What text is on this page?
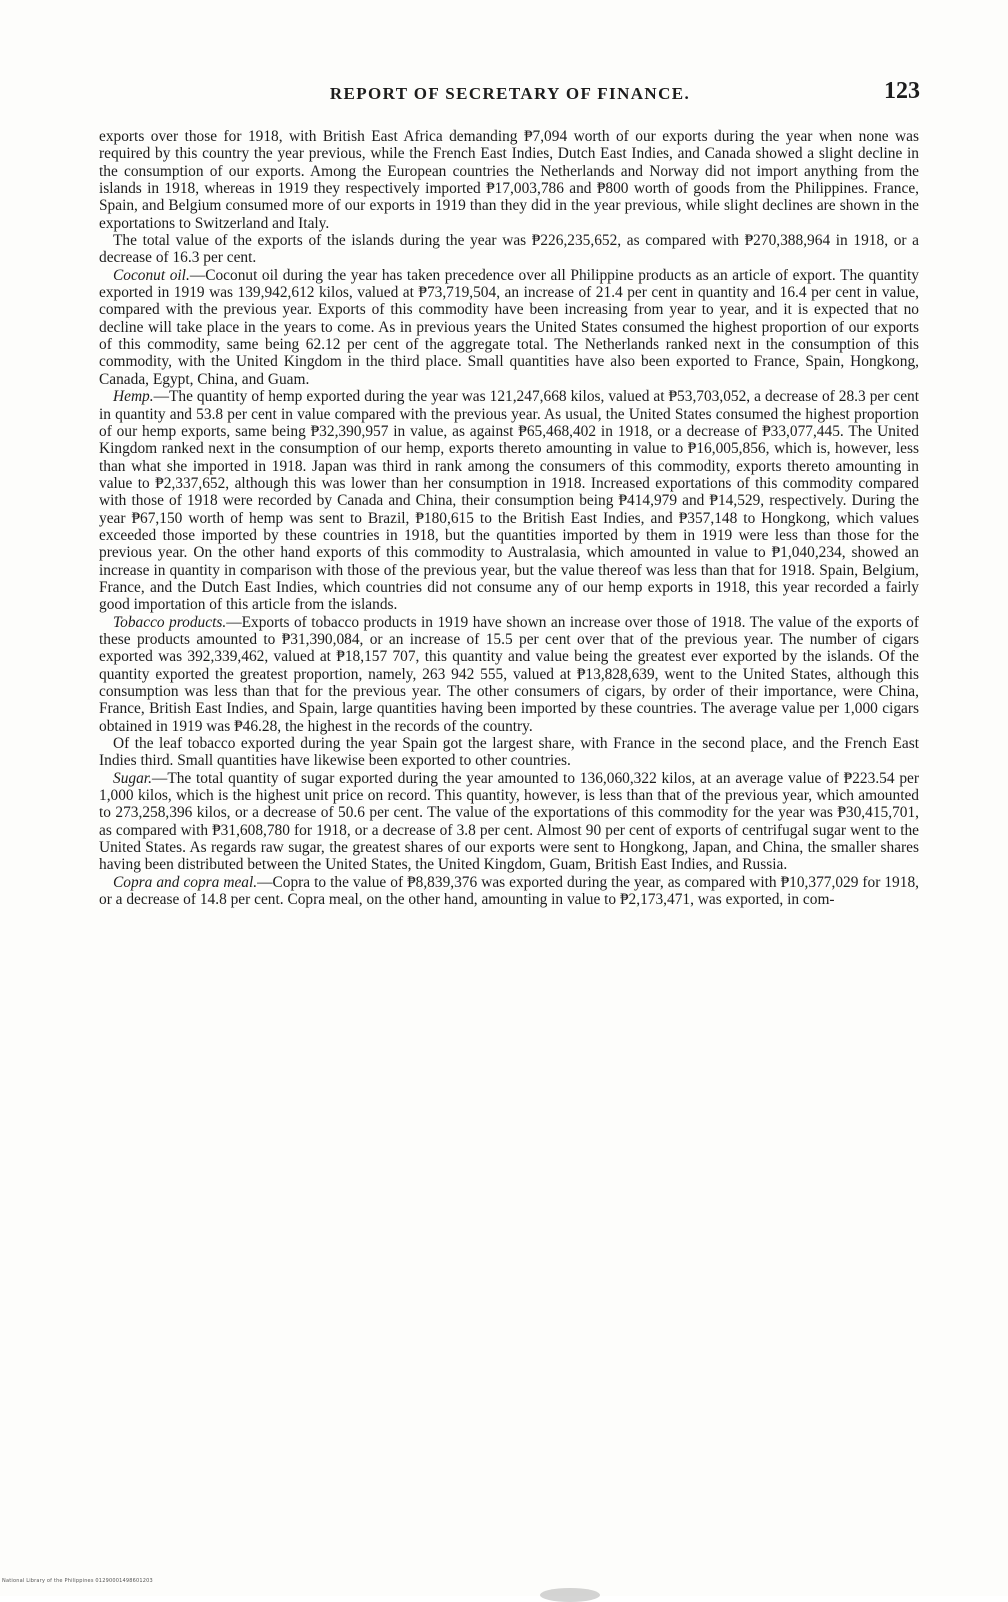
REPORT OF SECRETARY OF FINANCE.	123

exports over those for 1918, with British East Africa demanding ₱7,094 worth of our exports during the year when none was required by this country the year previous, while the French East Indies, Dutch East Indies, and Canada showed a slight decline in the consumption of our exports. Among the European countries the Netherlands and Norway did not import anything from the islands in 1918, whereas in 1919 they respectively imported ₱17,003,786 and ₱800 worth of goods from the Philippines. France, Spain, and Belgium consumed more of our exports in 1919 than they did in the year previous, while slight declines are shown in the exportations to Switzerland and Italy.

The total value of the exports of the islands during the year was ₱226,235,652, as compared with ₱270,388,964 in 1918, or a decrease of 16.3 per cent.

Coconut oil.—Coconut oil during the year has taken precedence over all Philippine products as an article of export. The quantity exported in 1919 was 139,942,612 kilos, valued at ₱73,719,504, an increase of 21.4 per cent in quantity and 16.4 per cent in value, compared with the previous year. Exports of this commodity have been increasing from year to year, and it is expected that no decline will take place in the years to come. As in previous years the United States consumed the highest proportion of our exports of this commodity, same being 62.12 per cent of the aggregate total. The Netherlands ranked next in the consumption of this commodity, with the United Kingdom in the third place. Small quantities have also been exported to France, Spain, Hongkong, Canada, Egypt, China, and Guam.

Hemp.—The quantity of hemp exported during the year was 121,247,668 kilos, valued at ₱53,703,052, a decrease of 28.3 per cent in quantity and 53.8 per cent in value compared with the previous year. As usual, the United States consumed the highest proportion of our hemp exports, same being ₱32,390,957 in value, as against ₱65,468,402 in 1918, or a decrease of ₱33,077,445. The United Kingdom ranked next in the consumption of our hemp, exports thereto amounting in value to ₱16,005,856, which is, however, less than what she imported in 1918. Japan was third in rank among the consumers of this commodity, exports thereto amounting in value to ₱2,337,652, although this was lower than her consumption in 1918. Increased exportations of this commodity compared with those of 1918 were recorded by Canada and China, their consumption being ₱414,979 and ₱14,529, respectively. During the year ₱67,150 worth of hemp was sent to Brazil, ₱180,615 to the British East Indies, and ₱357,148 to Hongkong, which values exceeded those imported by these countries in 1918, but the quantities imported by them in 1919 were less than those for the previous year. On the other hand exports of this commodity to Australasia, which amounted in value to ₱1,040,234, showed an increase in quantity in comparison with those of the previous year, but the value thereof was less than that for 1918. Spain, Belgium, France, and the Dutch East Indies, which countries did not consume any of our hemp exports in 1918, this year recorded a fairly good importation of this article from the islands.

Tobacco products.—Exports of tobacco products in 1919 have shown an increase over those of 1918. The value of the exports of these products amounted to ₱31,390,084, or an increase of 15.5 per cent over that of the previous year. The number of cigars exported was 392,339,462, valued at ₱18,157 707, this quantity and value being the greatest ever exported by the islands. Of the quantity exported the greatest proportion, namely, 263 942 555, valued at ₱13,828,639, went to the United States, although this consumption was less than that for the previous year. The other consumers of cigars, by order of their importance, were China, France, British East Indies, and Spain, large quantities having been imported by these countries. The average value per 1,000 cigars obtained in 1919 was ₱46.28, the highest in the records of the country.

Of the leaf tobacco exported during the year Spain got the largest share, with France in the second place, and the French East Indies third. Small quantities have likewise been exported to other countries.

Sugar.—The total quantity of sugar exported during the year amounted to 136,060,322 kilos, at an average value of ₱223.54 per 1,000 kilos, which is the highest unit price on record. This quantity, however, is less than that of the previous year, which amounted to 273,258,396 kilos, or a decrease of 50.6 per cent. The value of the exportations of this commodity for the year was ₱30,415,701, as compared with ₱31,608,780 for 1918, or a decrease of 3.8 per cent. Almost 90 per cent of exports of centrifugal sugar went to the United States. As regards raw sugar, the greatest shares of our exports were sent to Hongkong, Japan, and China, the smaller shares having been distributed between the United States, the United Kingdom, Guam, British East Indies, and Russia.

Copra and copra meal.—Copra to the value of ₱8,839,376 was exported during the year, as compared with ₱10,377,029 for 1918, or a decrease of 14.8 per cent. Copra meal, on the other hand, amounting in value to ₱2,173,471, was exported, in com-

National Library of the Philippines 01290001498601203
